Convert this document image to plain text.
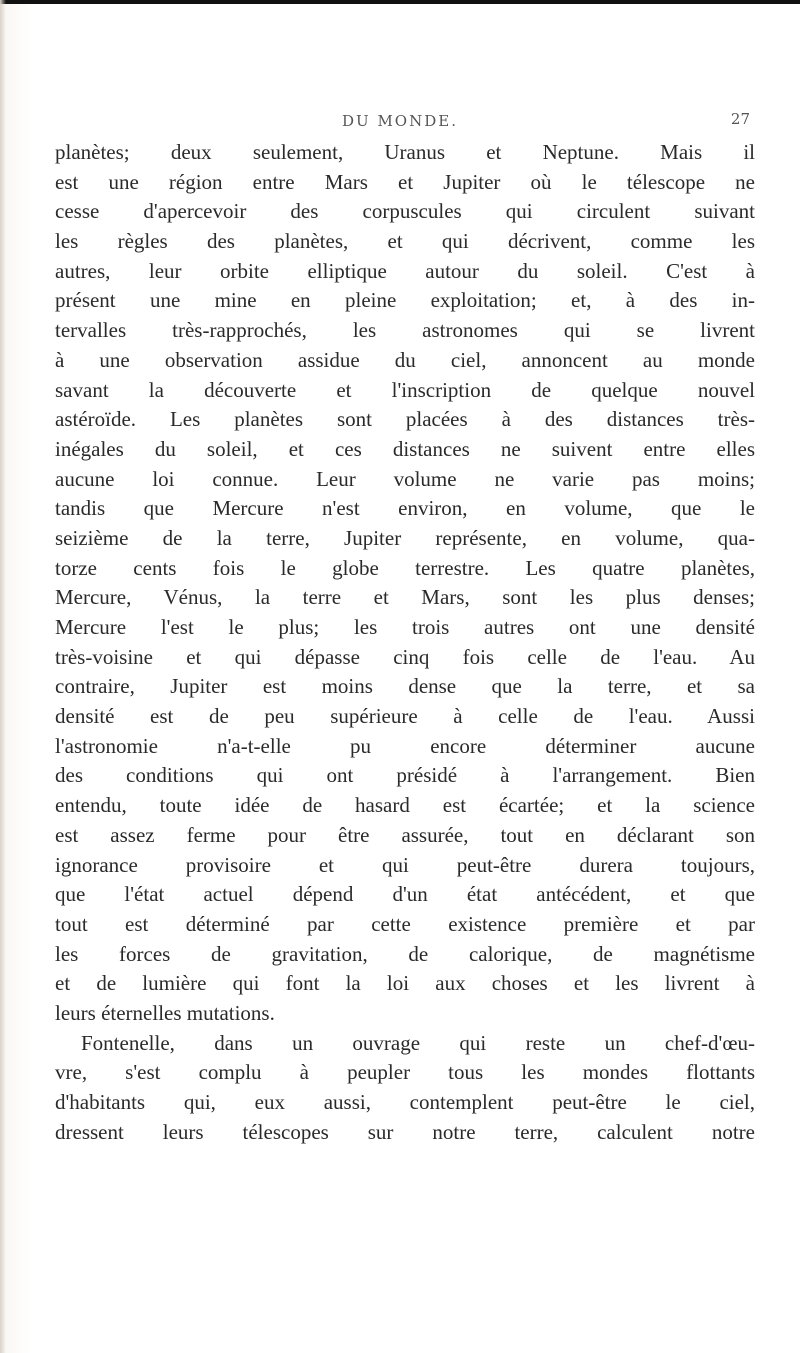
DU MONDE.	27
planètes; deux seulement, Uranus et Neptune. Mais il
est une région entre Mars et Jupiter où le télescope ne
cesse d'apercevoir des corpuscules qui circulent suivant
les règles des planètes, et qui décrivent, comme les
autres, leur orbite elliptique autour du soleil. C'est à
présent une mine en pleine exploitation; et, à des in-
tervalles très-rapprochés, les astronomes qui se livrent
à une observation assidue du ciel, annoncent au monde
savant la découverte et l'inscription de quelque nouvel
astéroïde. Les planètes sont placées à des distances très-
inégales du soleil, et ces distances ne suivent entre elles
aucune loi connue. Leur volume ne varie pas moins;
tandis que Mercure n'est environ, en volume, que le
seizième de la terre, Jupiter représente, en volume, qua-
torze cents fois le globe terrestre. Les quatre planètes,
Mercure, Vénus, la terre et Mars, sont les plus denses;
Mercure l'est le plus; les trois autres ont une densité
très-voisine et qui dépasse cinq fois celle de l'eau. Au
contraire, Jupiter est moins dense que la terre, et sa
densité est de peu supérieure à celle de l'eau. Aussi
l'astronomie n'a-t-elle pu encore déterminer aucune
des conditions qui ont présidé à l'arrangement. Bien
entendu, toute idée de hasard est écartée; et la science
est assez ferme pour être assurée, tout en déclarant son
ignorance provisoire et qui peut-être durera toujours,
que l'état actuel dépend d'un état antécédent, et que
tout est déterminé par cette existence première et par
les forces de gravitation, de calorique, de magnétisme
et de lumière qui font la loi aux choses et les livrent à
leurs éternelles mutations.
Fontenelle, dans un ouvrage qui reste un chef-d'œu-
vre, s'est complu à peupler tous les mondes flottants
d'habitants qui, eux aussi, contemplent peut-être le ciel,
dressent leurs télescopes sur notre terre, calculent notre
